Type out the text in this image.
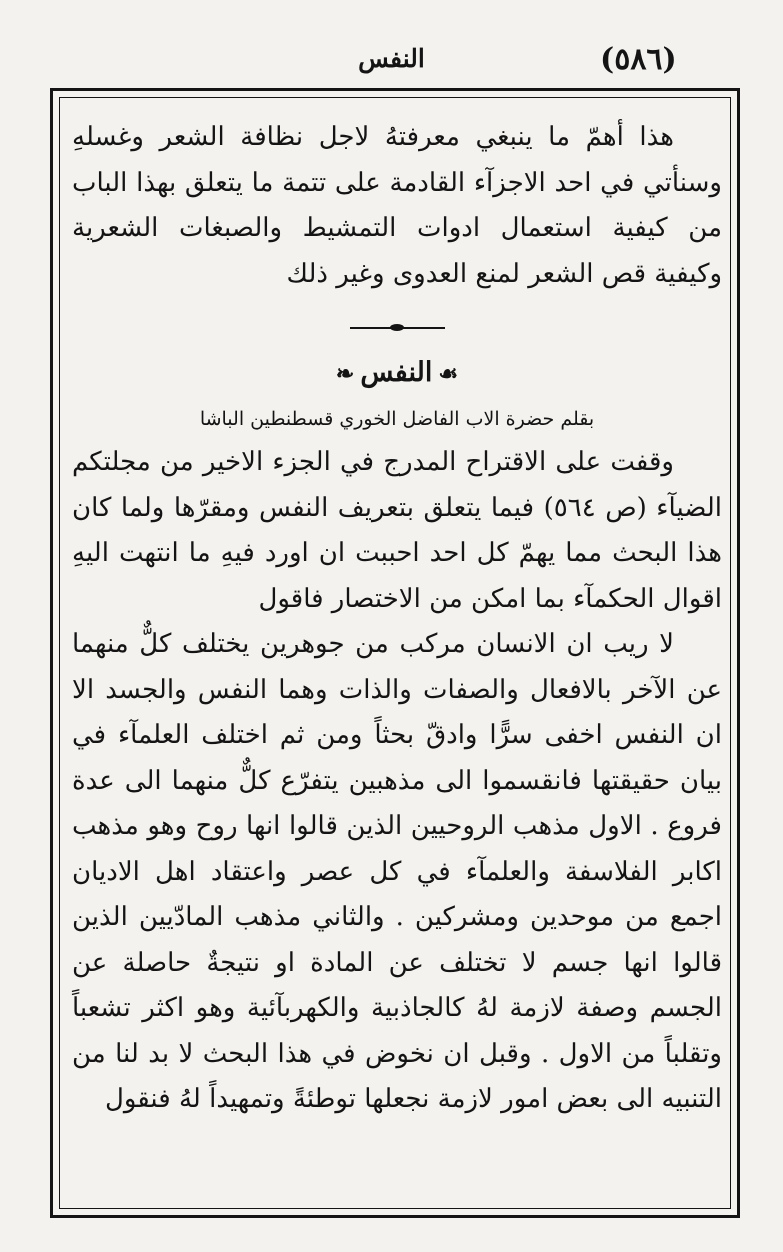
(٥٨٦)
النفس

هذا أهمّ ما ينبغي معرفتهُ لاجل نظافة الشعر وغسلهِ وسنأتي في احد الاجزآء القادمة على تتمة ما يتعلق بهذا الباب من كيفية استعمال ادوات التمشيط والصبغات الشعرية وكيفية قص الشعر لمنع العدوى وغير ذلك

☙النفس❧
بقلم حضرة الاب الفاضل الخوري قسطنطين الباشا

وقفت على الاقتراح المدرج في الجزء الاخير من مجلتكم الضيآء (ص ٥٦٤) فيما يتعلق بتعريف النفس ومقرّها ولما كان هذا البحث مما يهمّ كل احد احببت ان اورد فيهِ ما انتهت اليهِ اقوال الحكمآء بما امكن من الاختصار فاقول

لا ريب ان الانسان مركب من جوهرين يختلف كلٌّ منهما عن الآخر بالافعال والصفات والذات وهما النفس والجسد الا ان النفس اخفى سرًّا وادقّ بحثاً ومن ثم اختلف العلمآء في بيان حقيقتها فانقسموا الى مذهبين يتفرّع كلٌّ منهما الى عدة فروع . الاول مذهب الروحيين الذين قالوا انها روح وهو مذهب اكابر الفلاسفة والعلمآء في كل عصر واعتقاد اهل الاديان اجمع من موحدين ومشركين . والثاني مذهب المادّيين الذين قالوا انها جسم لا تختلف عن المادة او نتيجةٌ حاصلة عن الجسم وصفة لازمة لهُ كالجاذبية والكهربآئية وهو اكثر تشعباً وتقلباً من الاول . وقبل ان نخوض في هذا البحث لا بد لنا من التنبيه الى بعض امور لازمة نجعلها توطئةً وتمهيداً لهُ فنقول
